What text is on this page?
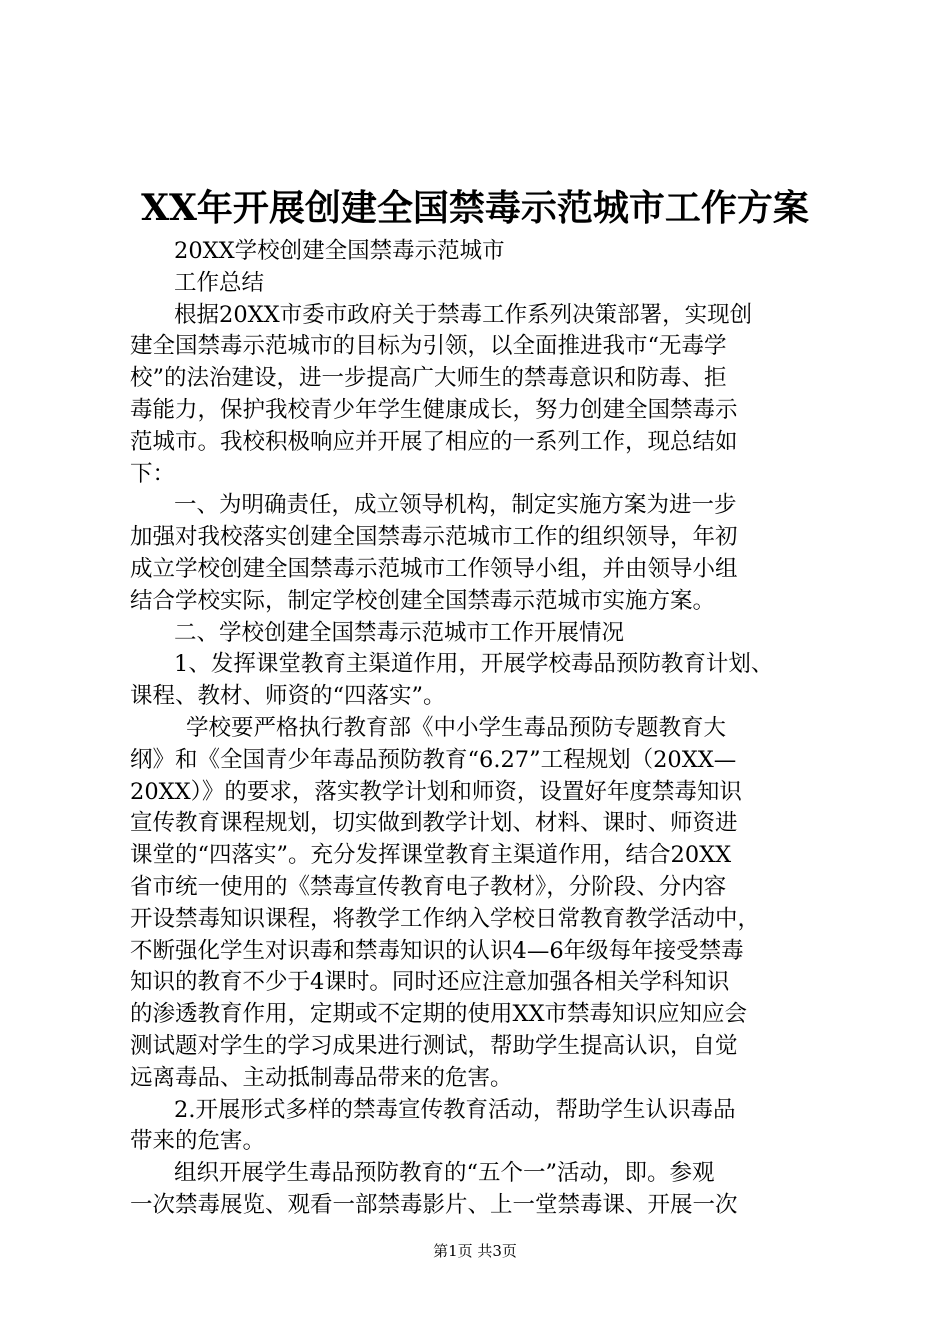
XX年开展创建全国禁毒示范城市工作方案
20XX学校创建全国禁毒示范城市
工作总结
根据20XX市委市政府关于禁毒工作系列决策部署，实现创
建全国禁毒示范城市的目标为引领，以全面推进我市“无毒学
校”的法治建设，进一步提高广大师生的禁毒意识和防毒、拒
毒能力，保护我校青少年学生健康成长，努力创建全国禁毒示
范城市。我校积极响应并开展了相应的一系列工作，现总结如
下：
一、为明确责任，成立领导机构，制定实施方案为进一步
加强对我校落实创建全国禁毒示范城市工作的组织领导，年初
成立学校创建全国禁毒示范城市工作领导小组，并由领导小组
结合学校实际，制定学校创建全国禁毒示范城市实施方案。
二、学校创建全国禁毒示范城市工作开展情况
1、发挥课堂教育主渠道作用，开展学校毒品预防教育计划、
课程、教材、师资的“四落实”。
学校要严格执行教育部《中小学生毒品预防专题教育大
纲》和《全国青少年毒品预防教育“6.27”工程规划（20XX—
20XX）》的要求，落实教学计划和师资，设置好年度禁毒知识
宣传教育课程规划，切实做到教学计划、材料、课时、师资进
课堂的“四落实”。充分发挥课堂教育主渠道作用，结合20XX
省市统一使用的《禁毒宣传教育电子教材》，分阶段、分内容
开设禁毒知识课程，将教学工作纳入学校日常教育教学活动中，
不断强化学生对识毒和禁毒知识的认识4—6年级每年接受禁毒
知识的教育不少于4课时。同时还应注意加强各相关学科知识
的渗透教育作用，定期或不定期的使用XX市禁毒知识应知应会
测试题对学生的学习成果进行测试，帮助学生提高认识，自觉
远离毒品、主动抵制毒品带来的危害。
2.开展形式多样的禁毒宣传教育活动，帮助学生认识毒品
带来的危害。
组织开展学生毒品预防教育的“五个一”活动，即。参观
一次禁毒展览、观看一部禁毒影片、上一堂禁毒课、开展一次
第1页 共3页
